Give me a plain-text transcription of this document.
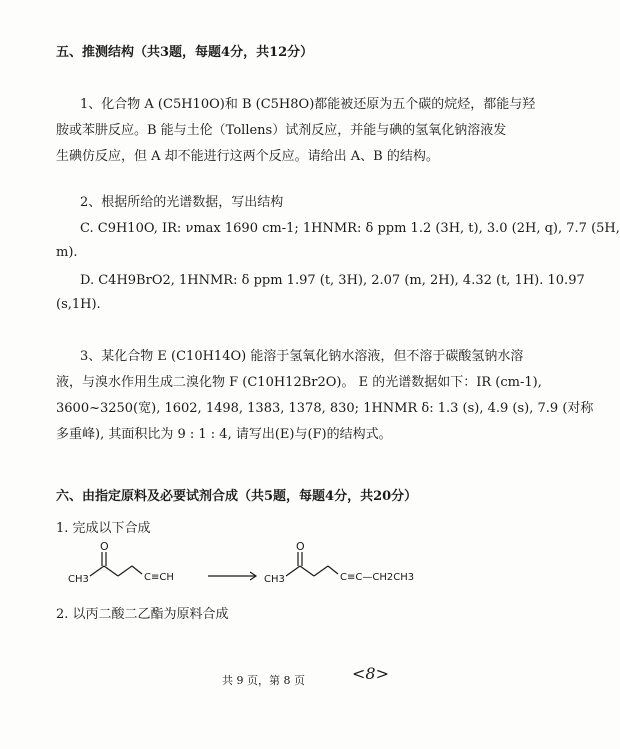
五、推测结构（共3题，每题4分，共12分）
1、化合物 A (C5H10O)和 B (C5H8O)都能被还原为五个碳的烷烃，都能与羟
胺或苯肼反应。B 能与土伦（Tollens）试剂反应，并能与碘的氢氧化钠溶液发
生碘仿反应，但 A 却不能进行这两个反应。请给出 A、B 的结构。
2、根据所给的光谱数据，写出结构
C. C9H10O, IR: νmax 1690 cm-1; 1HNMR: δ ppm 1.2 (3H, t), 3.0 (2H, q), 7.7 (5H,
m).
D. C4H9BrO2, 1HNMR: δ ppm 1.97 (t, 3H), 2.07 (m, 2H), 4.32 (t, 1H). 10.97
(s,1H).
3、某化合物 E (C10H14O) 能溶于氢氧化钠水溶液，但不溶于碳酸氢钠水溶
液，与溴水作用生成二溴化物 F (C10H12Br2O)。 E 的光谱数据如下：IR (cm-1),
3600~3250(宽), 1602, 1498, 1383, 1378, 830; 1HNMR δ: 1.3 (s), 4.9 (s), 7.9 (对称
多重峰), 其面积比为 9 : 1 : 4, 请写出(E)与(F)的结构式。
六、由指定原料及必要试剂合成（共5题，每题4分，共20分）
1. 完成以下合成
O
CH3	C≡CH
O
CH3	C≡C—CH2CH3
2. 以丙二酸二乙酯为原料合成
共 9 页，第 8 页	<8>
